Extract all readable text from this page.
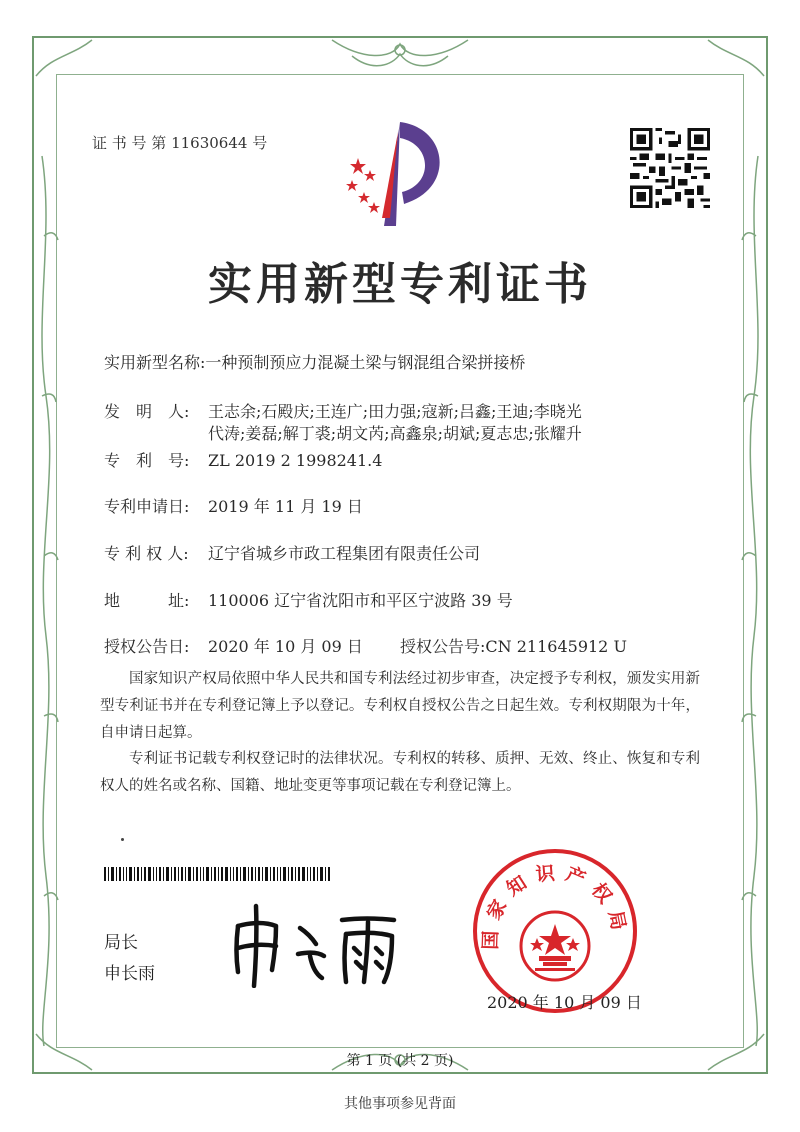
证 书 号 第 11630644 号
实用新型专利证书
实用新型名称:一种预制预应力混凝土梁与钢混组合梁拼接桥
发　明　人: 王志余;石殿庆;王连广;田力强;寇新;吕鑫;王迪;李晓光
代涛;姜磊;解丁裘;胡文芮;高鑫泉;胡斌;夏志忠;张耀升
专　利　号: ZL 2019 2 1998241.4
专利申请日: 2019 年 11 月 19 日
专 利 权 人: 辽宁省城乡市政工程集团有限责任公司
地　　　址: 110006 辽宁省沈阳市和平区宁波路 39 号
授权公告日: 2020 年 10 月 09 日 授权公告号:CN 211645912 U
国家知识产权局依照中华人民共和国专利法经过初步审查，决定授予专利权，颁发实用新型专利证书并在专利登记簿上予以登记。专利权自授权公告之日起生效。专利权期限为十年，自申请日起算。
专利证书记载专利权登记时的法律状况。专利权的转移、质押、无效、终止、恢复和专利权人的姓名或名称、国籍、地址变更等事项记载在专利登记簿上。
局长
申长雨
国家知识产权局
2020 年 10 月 09 日
第 1 页 (共 2 页)
其他事项参见背面
